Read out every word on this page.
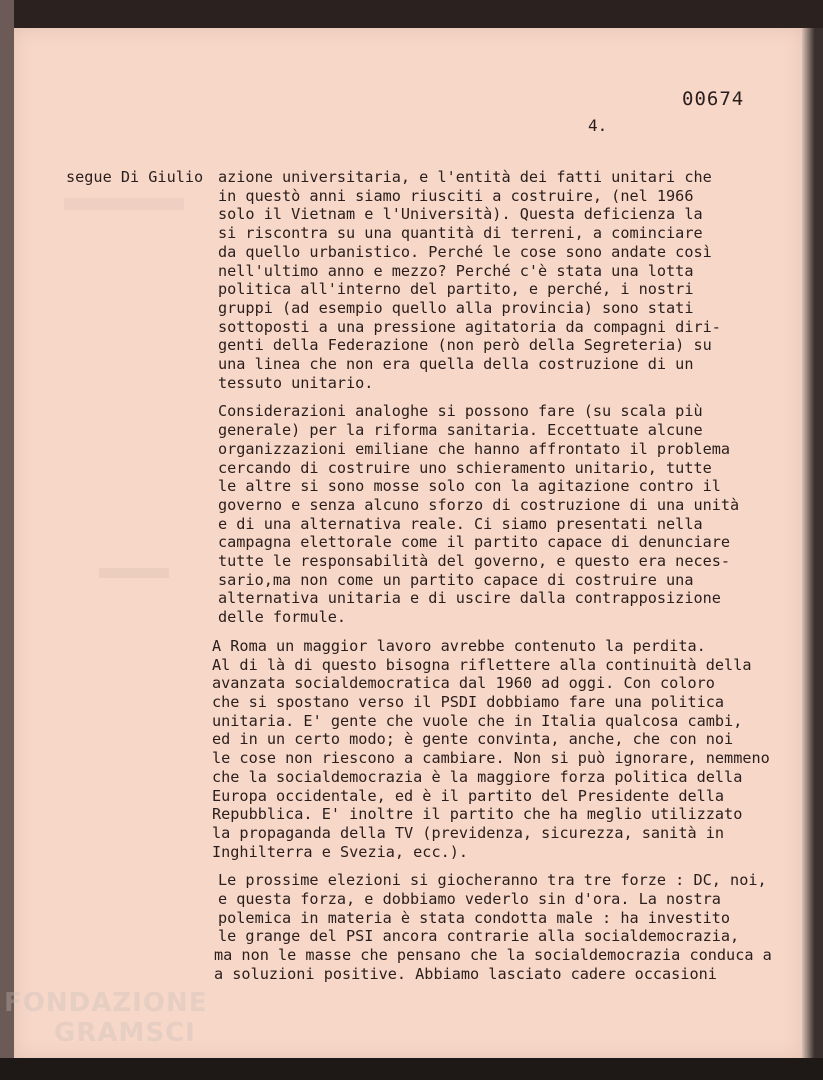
00674
4.
segue Di Giulio azione universitaria, e l'entità dei fatti unitari che
in questò anni siamo riusciti a costruire, (nel 1966
solo il Vietnam e l'Università). Questa deficienza la
si riscontra su una quantità di terreni, a cominciare
da quello urbanistico. Perché le cose sono andate così
nell'ultimo anno e mezzo? Perché c'è stata una lotta
politica all'interno del partito, e perché, i nostri
gruppi (ad esempio quello alla provincia) sono stati
sottoposti a una pressione agitatoria da compagni diri-
genti della Federazione (non però della Segreteria) su
una linea che non era quella della costruzione di un
tessuto unitario.
Considerazioni analoghe si possono fare (su scala più
generale) per la riforma sanitaria. Eccettuate alcune
organizzazioni emiliane che hanno affrontato il problema
cercando di costruire uno schieramento unitario, tutte
le altre si sono mosse solo con la agitazione contro il
governo e senza alcuno sforzo di costruzione di una unità
e di una alternativa reale. Ci siamo presentati nella
campagna elettorale come il partito capace di denunciare
tutte le responsabilità del governo, e questo era neces-
sario,ma non come un partito capace di costruire una
alternativa unitaria e di uscire dalla contrapposizione
delle formule.
A Roma un maggior lavoro avrebbe contenuto la perdita.
Al di là di questo bisogna riflettere alla continuità della
avanzata socialdemocratica dal 1960 ad oggi. Con coloro
che si spostano verso il PSDI dobbiamo fare una politica
unitaria. E' gente che vuole che in Italia qualcosa cambi,
ed in un certo modo; è gente convinta, anche, che con noi
le cose non riescono a cambiare. Non si può ignorare, nemmeno
che la socialdemocrazia è la maggiore forza politica della
Europa occidentale, ed è il partito del Presidente della
Repubblica. E' inoltre il partito che ha meglio utilizzato
la propaganda della TV (previdenza, sicurezza, sanità in
Inghilterra e Svezia, ecc.).
Le prossime elezioni si giocheranno tra tre forze : DC, noi,
e questa forza, e dobbiamo vederlo sin d'ora. La nostra
polemica in materia è stata condotta male : ha investito
le grange del PSI ancora contrarie alla socialdemocrazia,
ma non le masse che pensano che la socialdemocrazia conduca a
a soluzioni positive. Abbiamo lasciato cadere occasioni
FONDAZIONE
GRAMSCI
